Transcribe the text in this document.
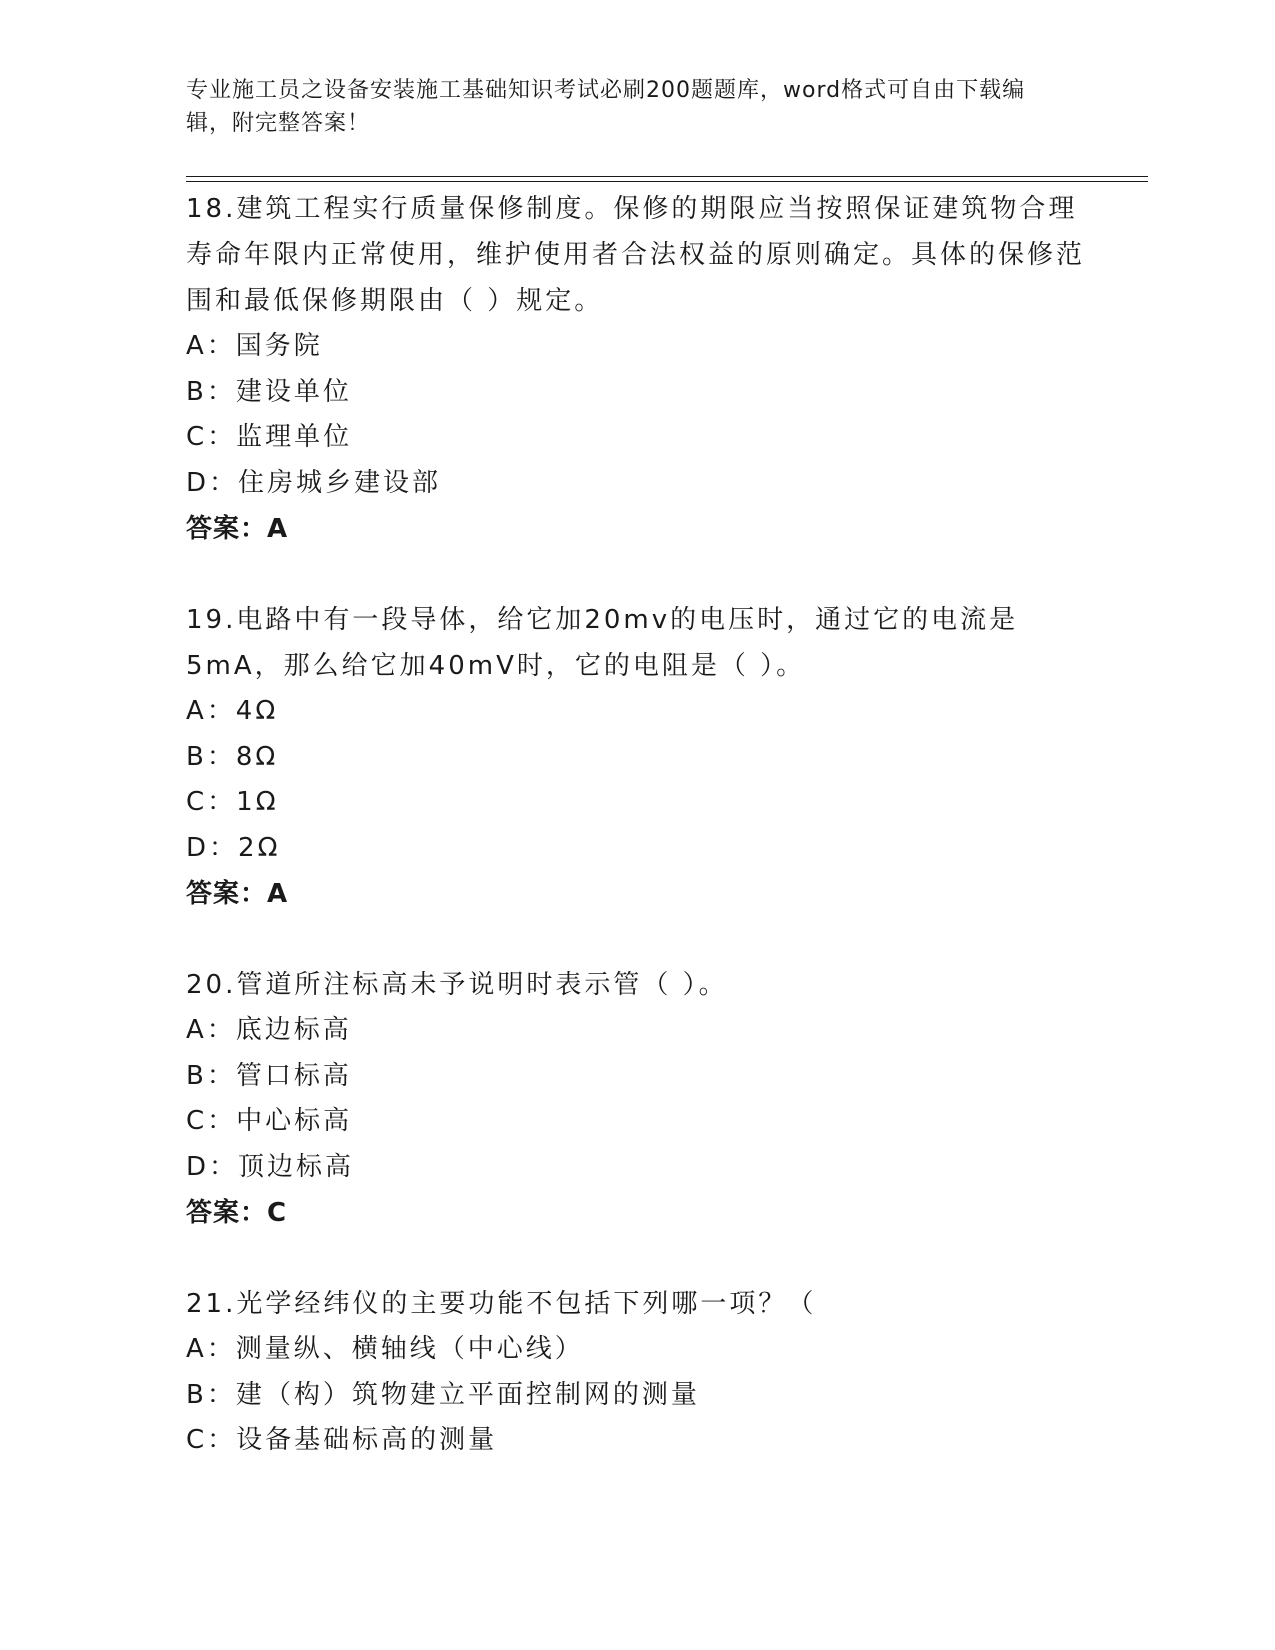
专业施工员之设备安装施工基础知识考试必刷200题题库，word格式可自由下载编辑，附完整答案！

18.建筑工程实行质量保修制度。保修的期限应当按照保证建筑物合理寿命年限内正常使用，维护使用者合法权益的原则确定。具体的保修范围和最低保修期限由（ ）规定。

A：国务院

B：建设单位

C：监理单位

D：住房城乡建设部

答案：A

19.电路中有一段导体，给它加20mv的电压时，通过它的电流是5mA，那么给它加40mV时，它的电阻是（ ）。

A：4Ω

B：8Ω

C：1Ω

D：2Ω

答案：A

20.管道所注标高未予说明时表示管（ ）。

A：底边标高

B：管口标高

C：中心标高

D：顶边标高

答案：C

21.光学经纬仪的主要功能不包括下列哪一项？（

A：测量纵、横轴线（中心线）

B：建（构）筑物建立平面控制网的测量

C：设备基础标高的测量
